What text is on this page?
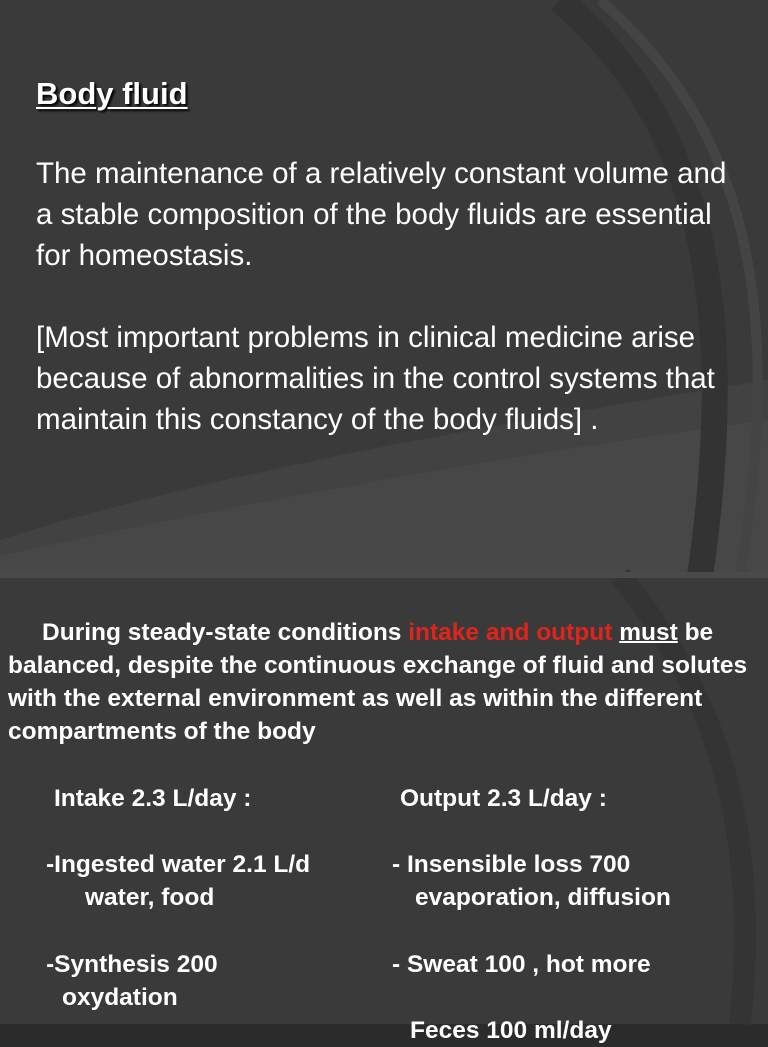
Body fluid

The maintenance of a relatively constant volume and a stable composition of the body fluids are essential for homeostasis.

[Most important problems in clinical medicine arise because of abnormalities in the control systems that maintain this constancy of the body fluids] .

During steady-state conditions intake and output must be balanced, despite the continuous exchange of fluid and solutes with the external environment as well as within the different compartments of the body

Intake 2.3 L/day :	Output 2.3 L/day :
-Ingested water 2.1 L/d
water, food
- Insensible loss 700
evaporation, diffusion
-Synthesis 200
oxydation
- Sweat 100 , hot more
Feces 100 ml/day
